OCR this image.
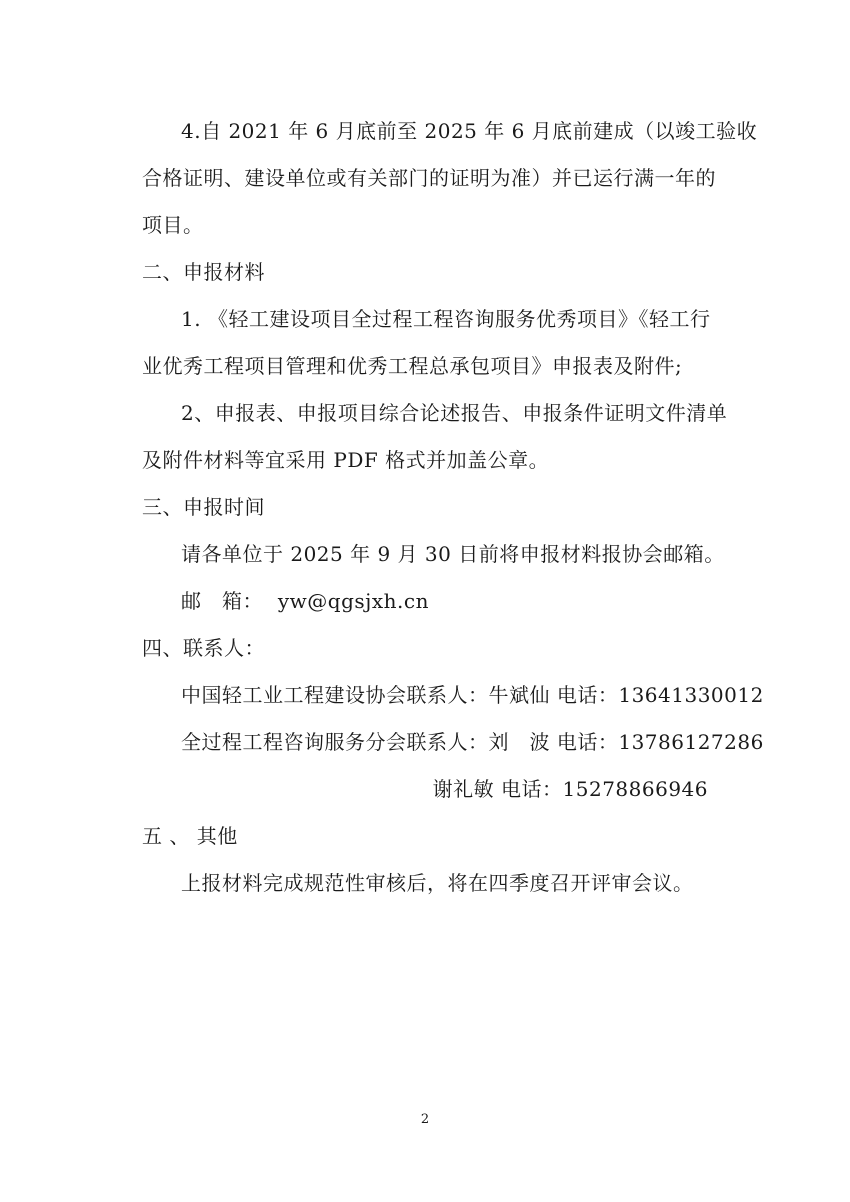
4.自 2021 年 6 月底前至 2025 年 6 月底前建成（以竣工验收
合格证明、建设单位或有关部门的证明为准）并已运行满一年的
项目。
二、申报材料
1. 《轻工建设项目全过程工程咨询服务优秀项目》《轻工行
业优秀工程项目管理和优秀工程总承包项目》申报表及附件;
2、申报表、申报项目综合论述报告、申报条件证明文件清单
及附件材料等宜采用 PDF 格式并加盖公章。
三、申报时间
请各单位于 2025 年 9 月 30 日前将申报材料报协会邮箱。
邮　箱： yw@qgsjxh.cn
四、联系人：
中国轻工业工程建设协会联系人：牛斌仙 电话：13641330012
全过程工程咨询服务分会联系人：刘　波 电话：13786127286
谢礼敏 电话：15278866946
五 、 其他
上报材料完成规范性审核后，将在四季度召开评审会议。
2
